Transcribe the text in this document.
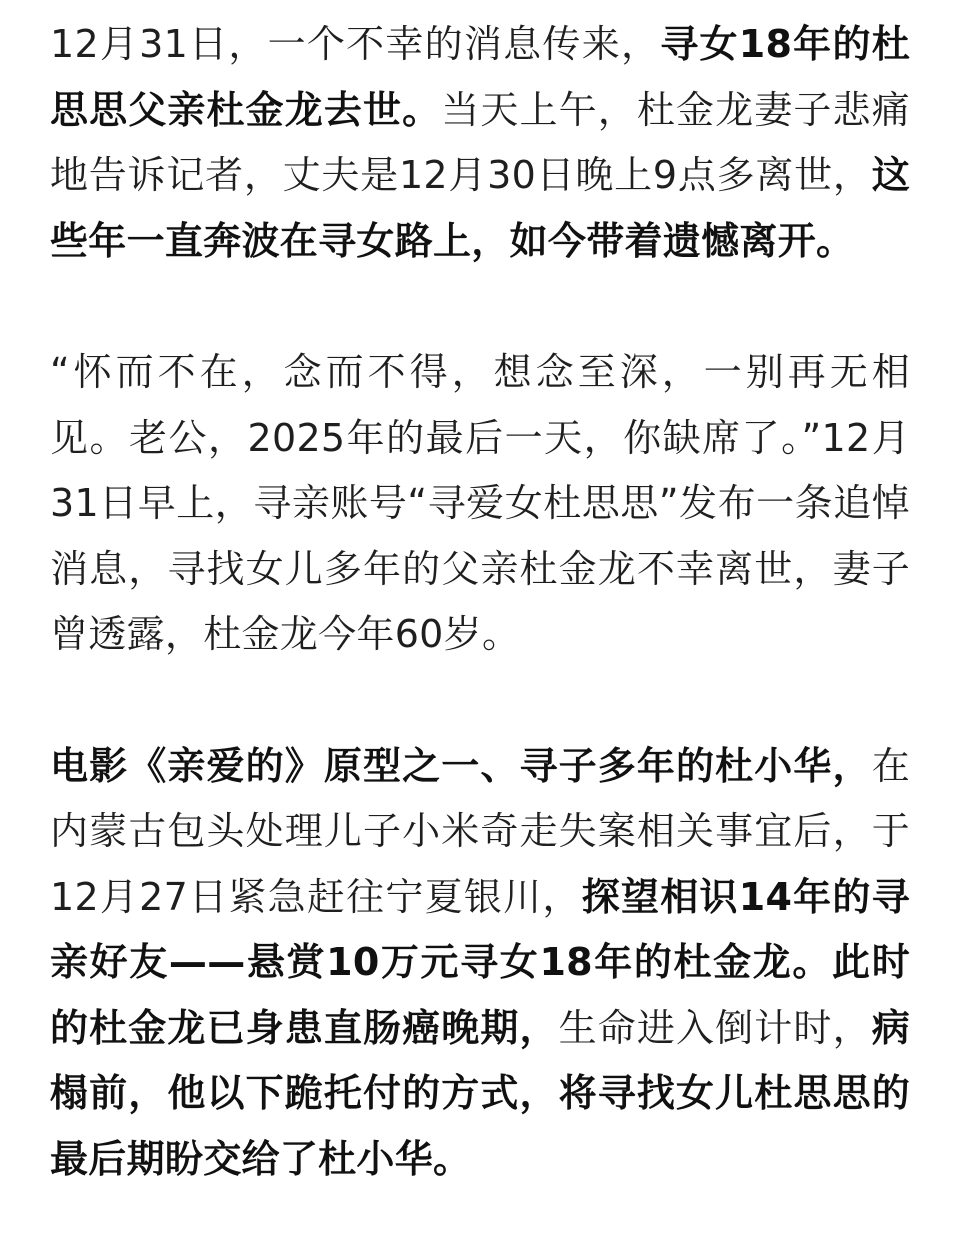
12月31日，一个不幸的消息传来，寻女18年的杜思思父亲杜金龙去世。当天上午，杜金龙妻子悲痛地告诉记者，丈夫是12月30日晚上9点多离世，这些年一直奔波在寻女路上，如今带着遗憾离开。

“怀而不在，念而不得，想念至深，一别再无相见。老公，2025年的最后一天，你缺席了。”12月31日早上，寻亲账号“寻爱女杜思思”发布一条追悼消息，寻找女儿多年的父亲杜金龙不幸离世，妻子曾透露，杜金龙今年60岁。

电影《亲爱的》原型之一、寻子多年的杜小华，在内蒙古包头处理儿子小米奇走失案相关事宜后，于12月27日紧急赶往宁夏银川，探望相识14年的寻亲好友——悬赏10万元寻女18年的杜金龙。此时的杜金龙已身患直肠癌晚期，生命进入倒计时，病榻前，他以下跪托付的方式，将寻找女儿杜思思的最后期盼交给了杜小华。
